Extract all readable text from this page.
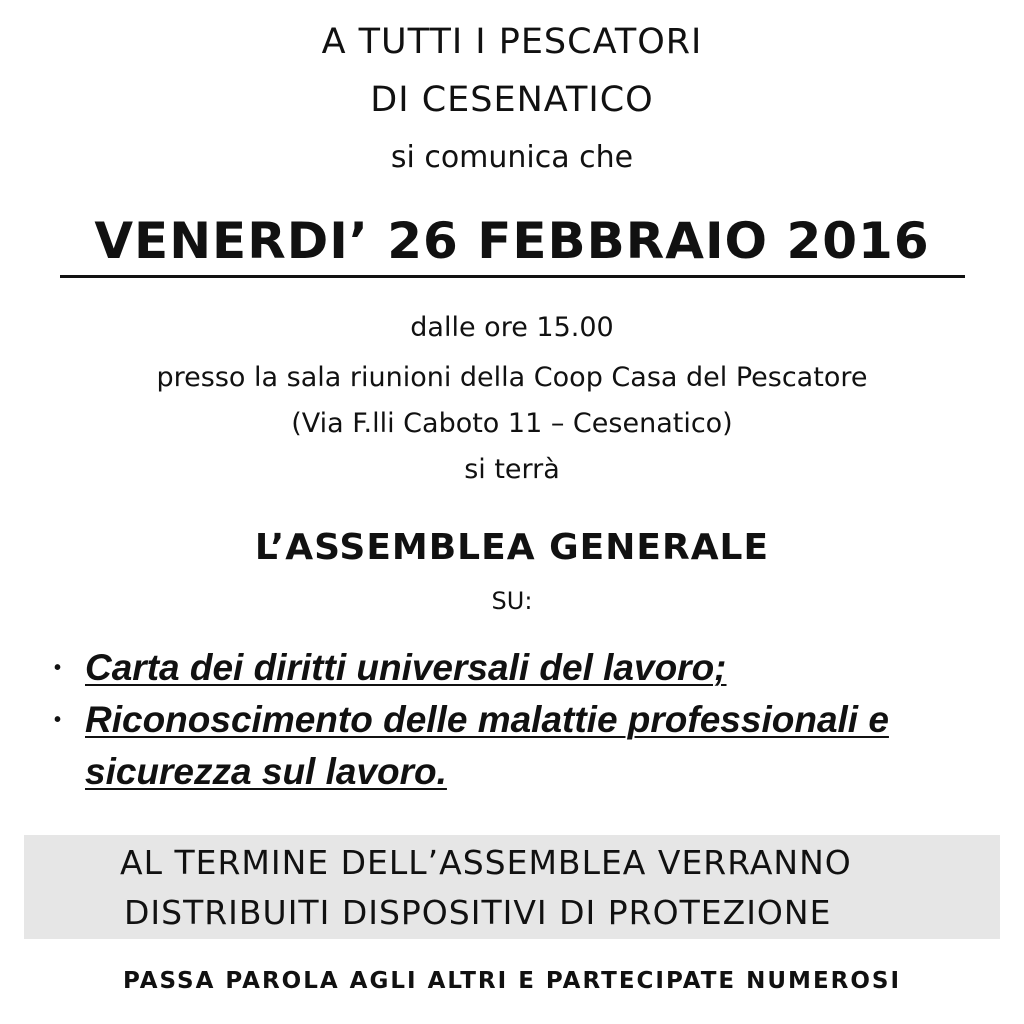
A TUTTI I PESCATORI
DI CESENATICO
si comunica che
VENERDI’ 26 FEBBRAIO 2016
dalle ore 15.00
presso la sala riunioni della Coop Casa del Pescatore
(Via F.lli Caboto 11 – Cesenatico)
si terrà
L’ASSEMBLEA GENERALE
SU:
• Carta dei diritti universali del lavoro;
• Riconoscimento delle malattie professionali e
sicurezza sul lavoro.
AL TERMINE DELL’ASSEMBLEA VERRANNO
DISTRIBUITI DISPOSITIVI DI PROTEZIONE
PASSA PAROLA AGLI ALTRI E PARTECIPATE NUMEROSI
